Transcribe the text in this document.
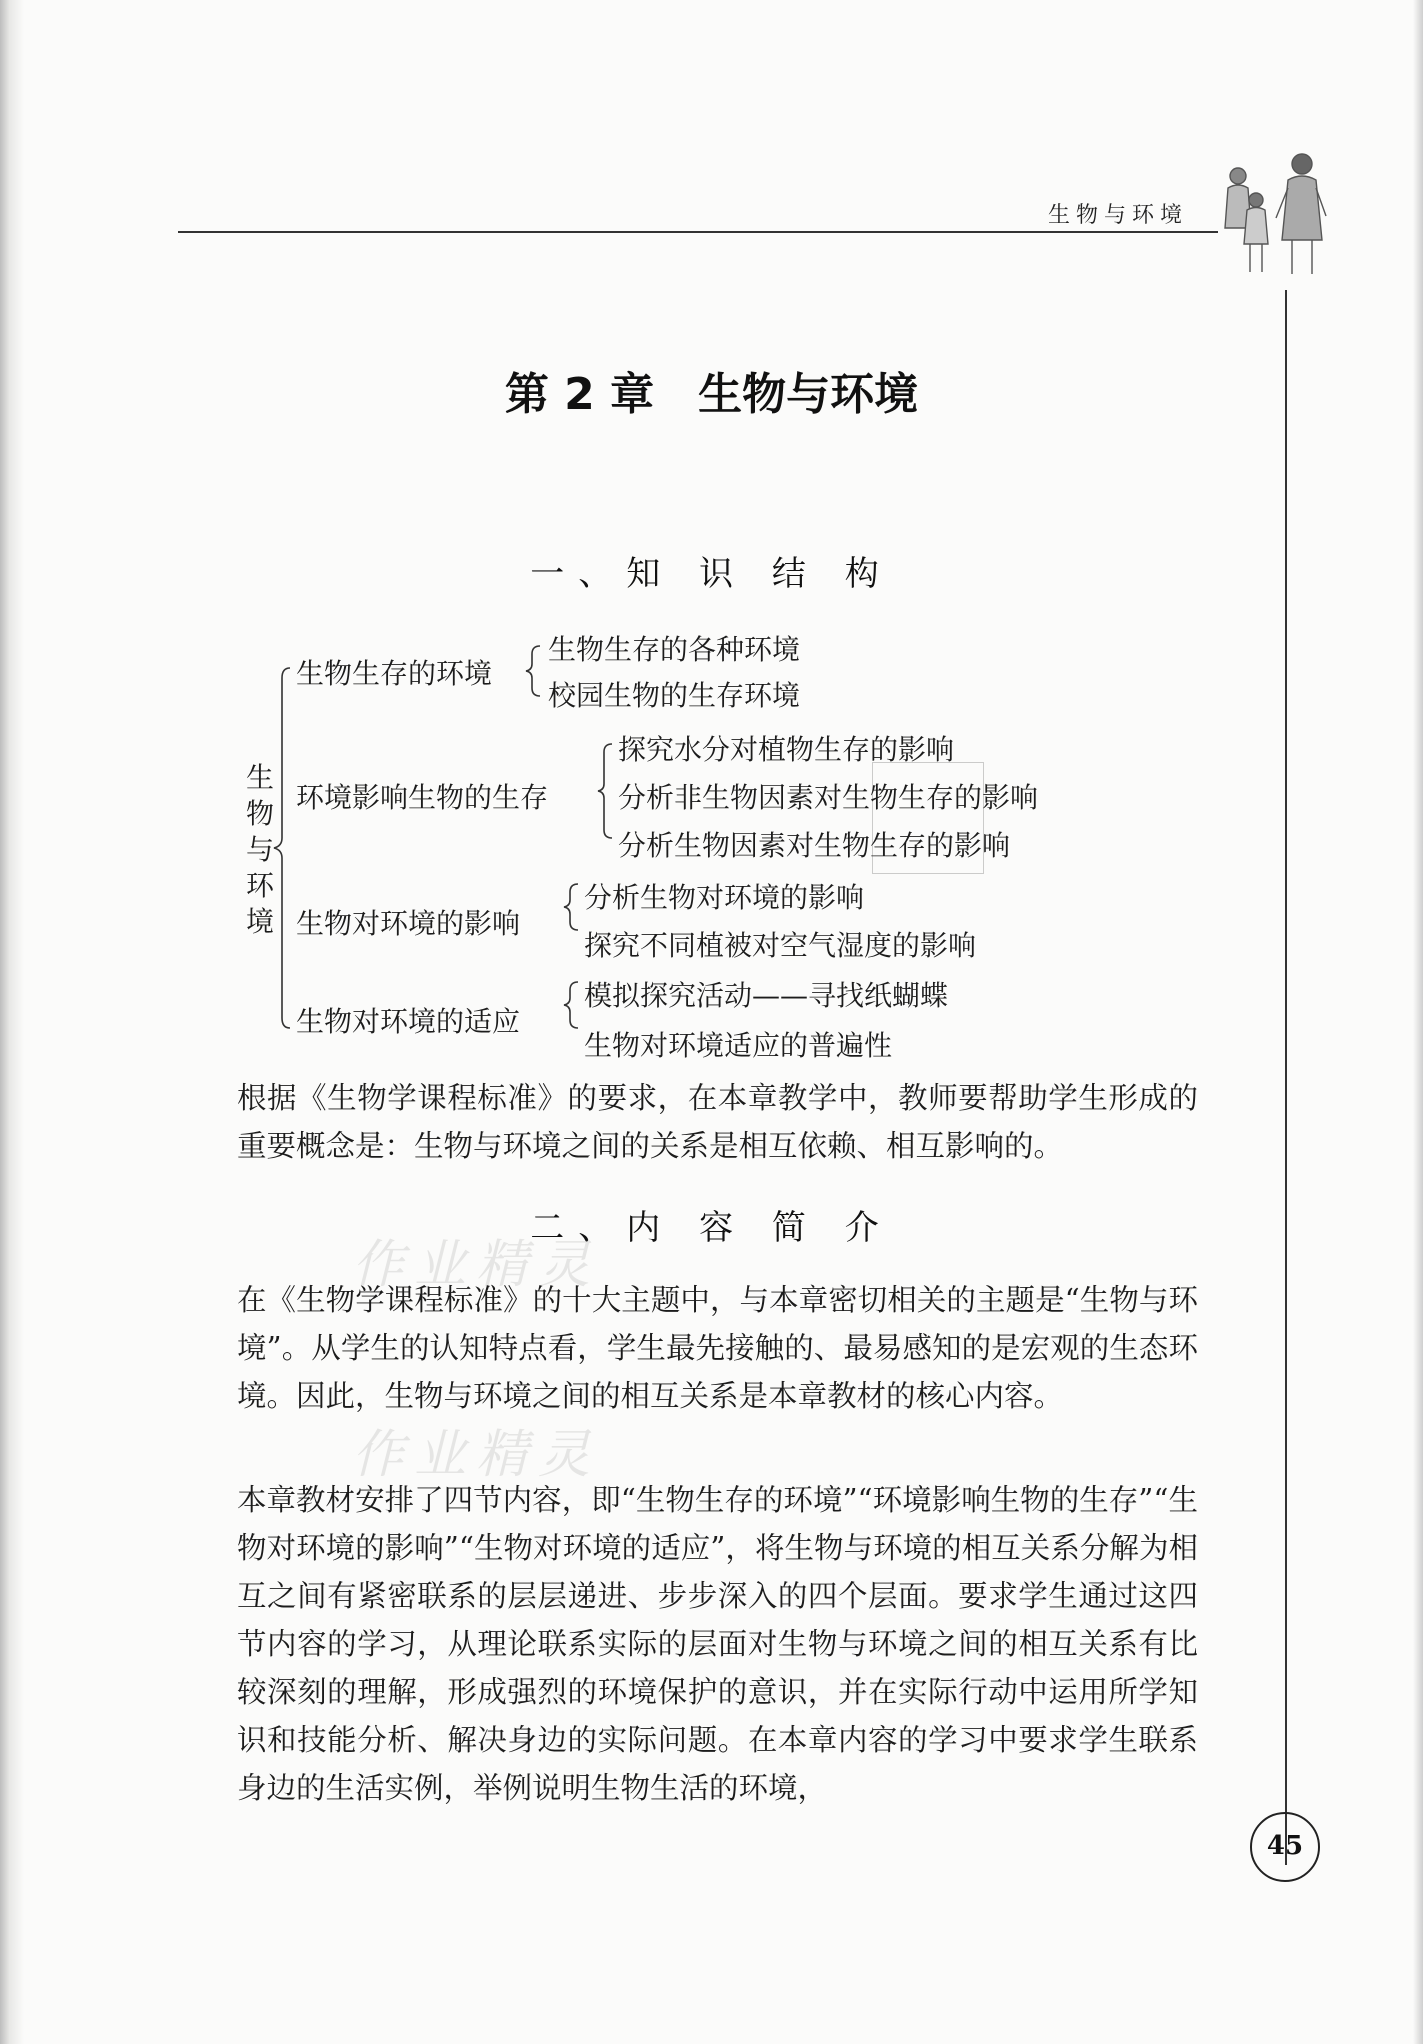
生物与环境
第 2 章　生物与环境
一、知 识 结 构
生
物
与
环
境
生物生存的环境
生物生存的各种环境
校园生物的生存环境
环境影响生物的生存
探究水分对植物生存的影响
分析非生物因素对生物生存的影响
分析生物因素对生物生存的影响
生物对环境的影响
分析生物对环境的影响
探究不同植被对空气湿度的影响
生物对环境的适应
模拟探究活动——寻找纸蝴蝶
生物对环境适应的普遍性
根据《生物学课程标准》的要求，在本章教学中，教师要帮助学生形成的重要概念是：生物与环境之间的关系是相互依赖、相互影响的。
二、内 容 简 介
作业精灵
作业精灵
在《生物学课程标准》的十大主题中，与本章密切相关的主题是“生物与环境”。从学生的认知特点看，学生最先接触的、最易感知的是宏观的生态环境。因此，生物与环境之间的相互关系是本章教材的核心内容。
本章教材安排了四节内容，即“生物生存的环境”“环境影响生物的生存”“生物对环境的影响”“生物对环境的适应”，将生物与环境的相互关系分解为相互之间有紧密联系的层层递进、步步深入的四个层面。要求学生通过这四节内容的学习，从理论联系实际的层面对生物与环境之间的相互关系有比较深刻的理解，形成强烈的环境保护的意识，并在实际行动中运用所学知识和技能分析、解决身边的实际问题。在本章内容的学习中要求学生联系身边的生活实例，举例说明生物生活的环境，
45
